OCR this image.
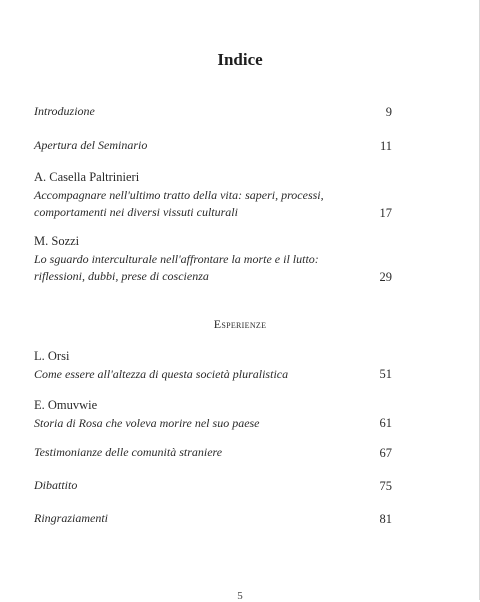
Indice
Introduzione	9
Apertura del Seminario	11
A. Casella Paltrinieri
Accompagnare nell'ultimo tratto della vita: saperi, processi,
comportamenti nei diversi vissuti culturali	17
M. Sozzi
Lo sguardo interculturale nell'affrontare la morte e il lutto:
riflessioni, dubbi, prese di coscienza	29
Esperienze
L. Orsi
Come essere all'altezza di questa società pluralistica	51
E. Omuvwie
Storia di Rosa che voleva morire nel suo paese	61
Testimonianze delle comunità straniere	67
Dibattito	75
Ringraziamenti	81
5
